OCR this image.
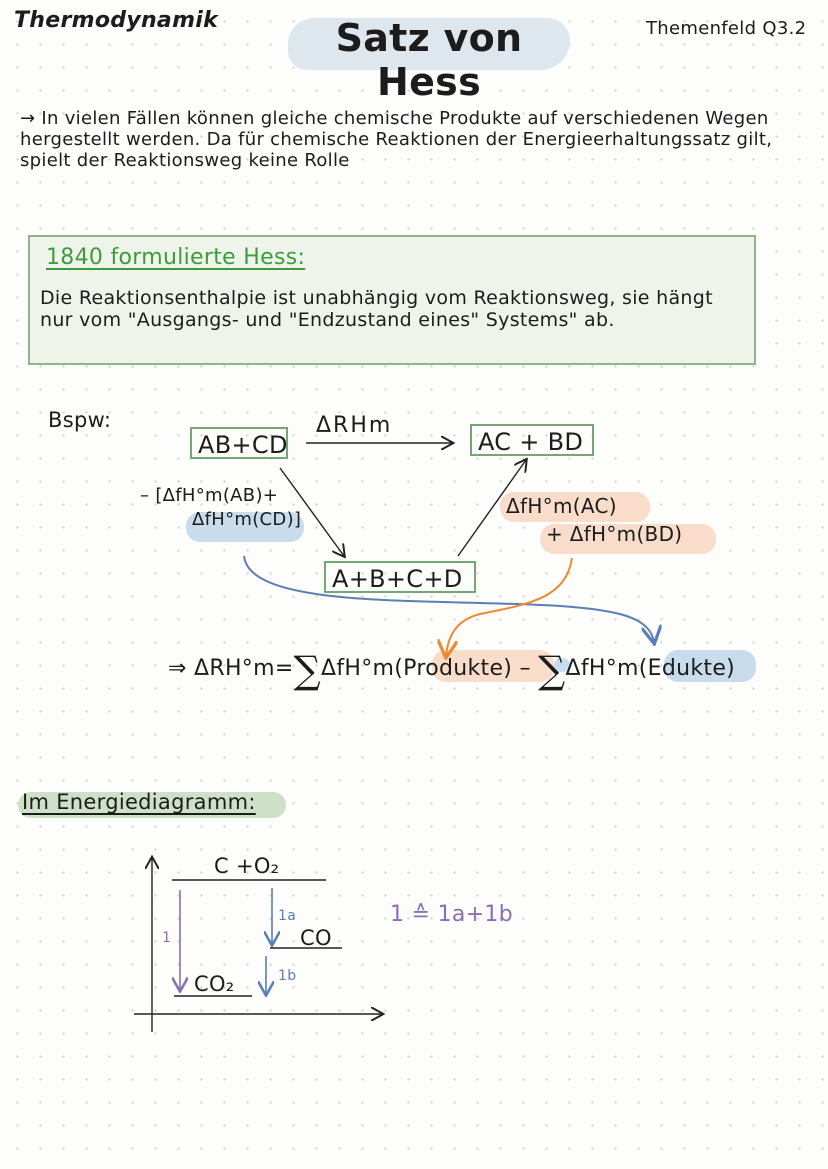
Thermodynamik	Satz von Hess
Themenfeld Q3.2
→ In vielen Fällen können gleiche chemische Produkte auf verschiedenen Wegen hergestellt werden. Da für chemische Reaktionen der Energieerhaltungssatz gilt, spielt der Reaktionsweg keine Rolle
1840 formulierte Hess:
Die Reaktionsenthalpie ist unabhängig vom Reaktionsweg, sie hängt nur vom "Ausgangs- und "Endzustand eines" Systems" ab.
Bspw:
AB+CD	AC + BD
A+B+C+D
ΔRHm
– [ΔfH°m(AB)+
ΔfH°m(CD)]
ΔfH°m(AC)
+ ΔfH°m(BD)
⇒ ΔRH°m=∑ΔfH°m(Produkte) – ∑ΔfH°m(Edukte)
Im Energiediagramm:
C +O₂
CO
CO₂
1
1a
1b
1 ≙ 1a+1b
